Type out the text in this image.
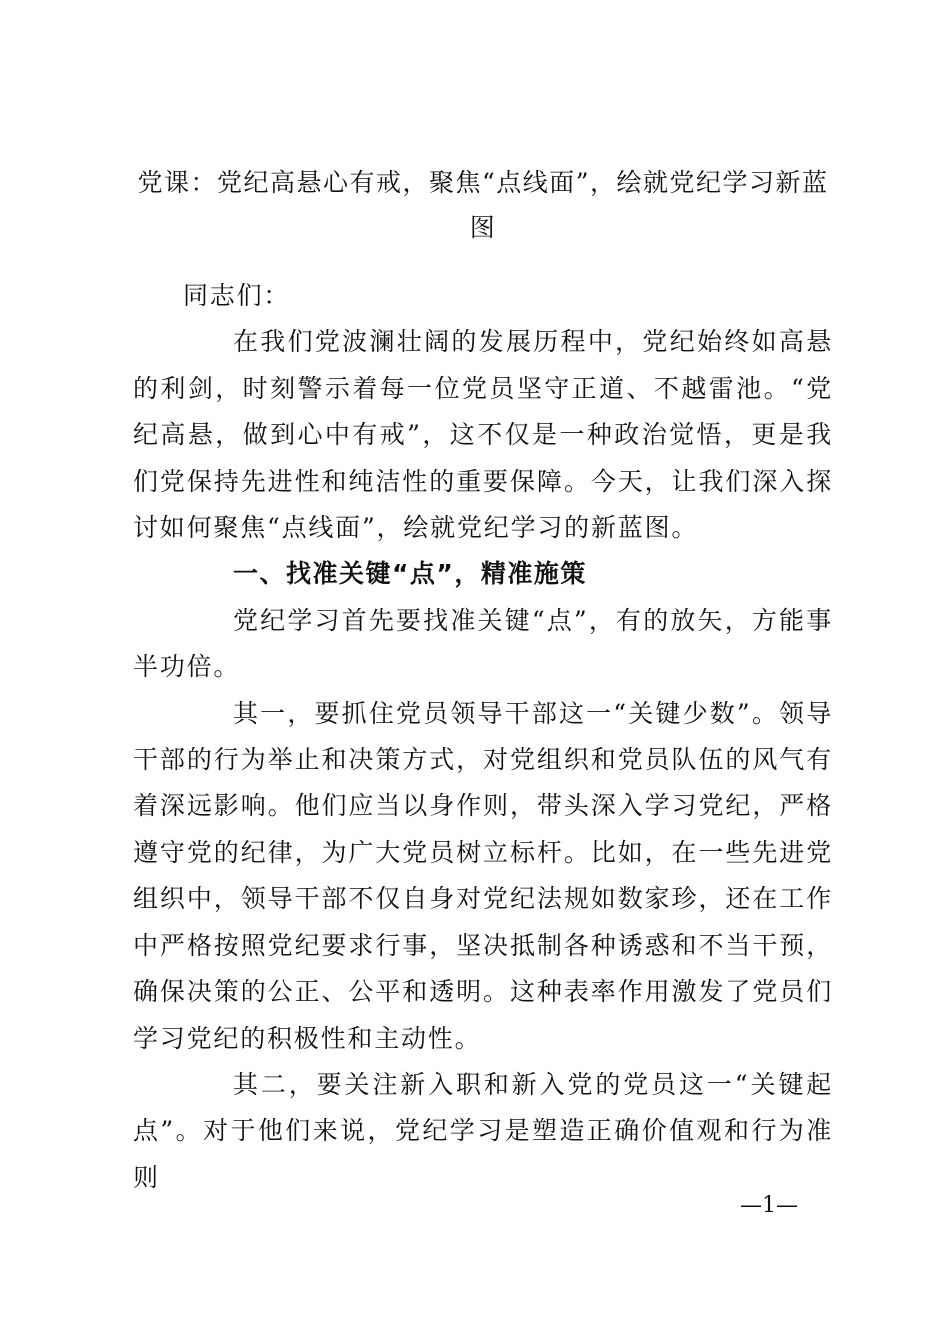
党课：党纪高悬心有戒，聚焦“点线面”，绘就党纪学习新蓝图

同志们：

在我们党波澜壮阔的发展历程中，党纪始终如高悬的利剑，时刻警示着每一位党员坚守正道、不越雷池。“党纪高悬，做到心中有戒”，这不仅是一种政治觉悟，更是我们党保持先进性和纯洁性的重要保障。今天，让我们深入探讨如何聚焦“点线面”，绘就党纪学习的新蓝图。

一、找准关键“点”，精准施策

党纪学习首先要找准关键“点”，有的放矢，方能事半功倍。

其一，要抓住党员领导干部这一“关键少数”。领导干部的行为举止和决策方式，对党组织和党员队伍的风气有着深远影响。他们应当以身作则，带头深入学习党纪，严格遵守党的纪律，为广大党员树立标杆。比如，在一些先进党组织中，领导干部不仅自身对党纪法规如数家珍，还在工作中严格按照党纪要求行事，坚决抵制各种诱惑和不当干预，确保决策的公正、公平和透明。这种表率作用激发了党员们学习党纪的积极性和主动性。

其二，要关注新入职和新入党的党员这一“关键起点”。对于他们来说，党纪学习是塑造正确价值观和行为准则

—1—
